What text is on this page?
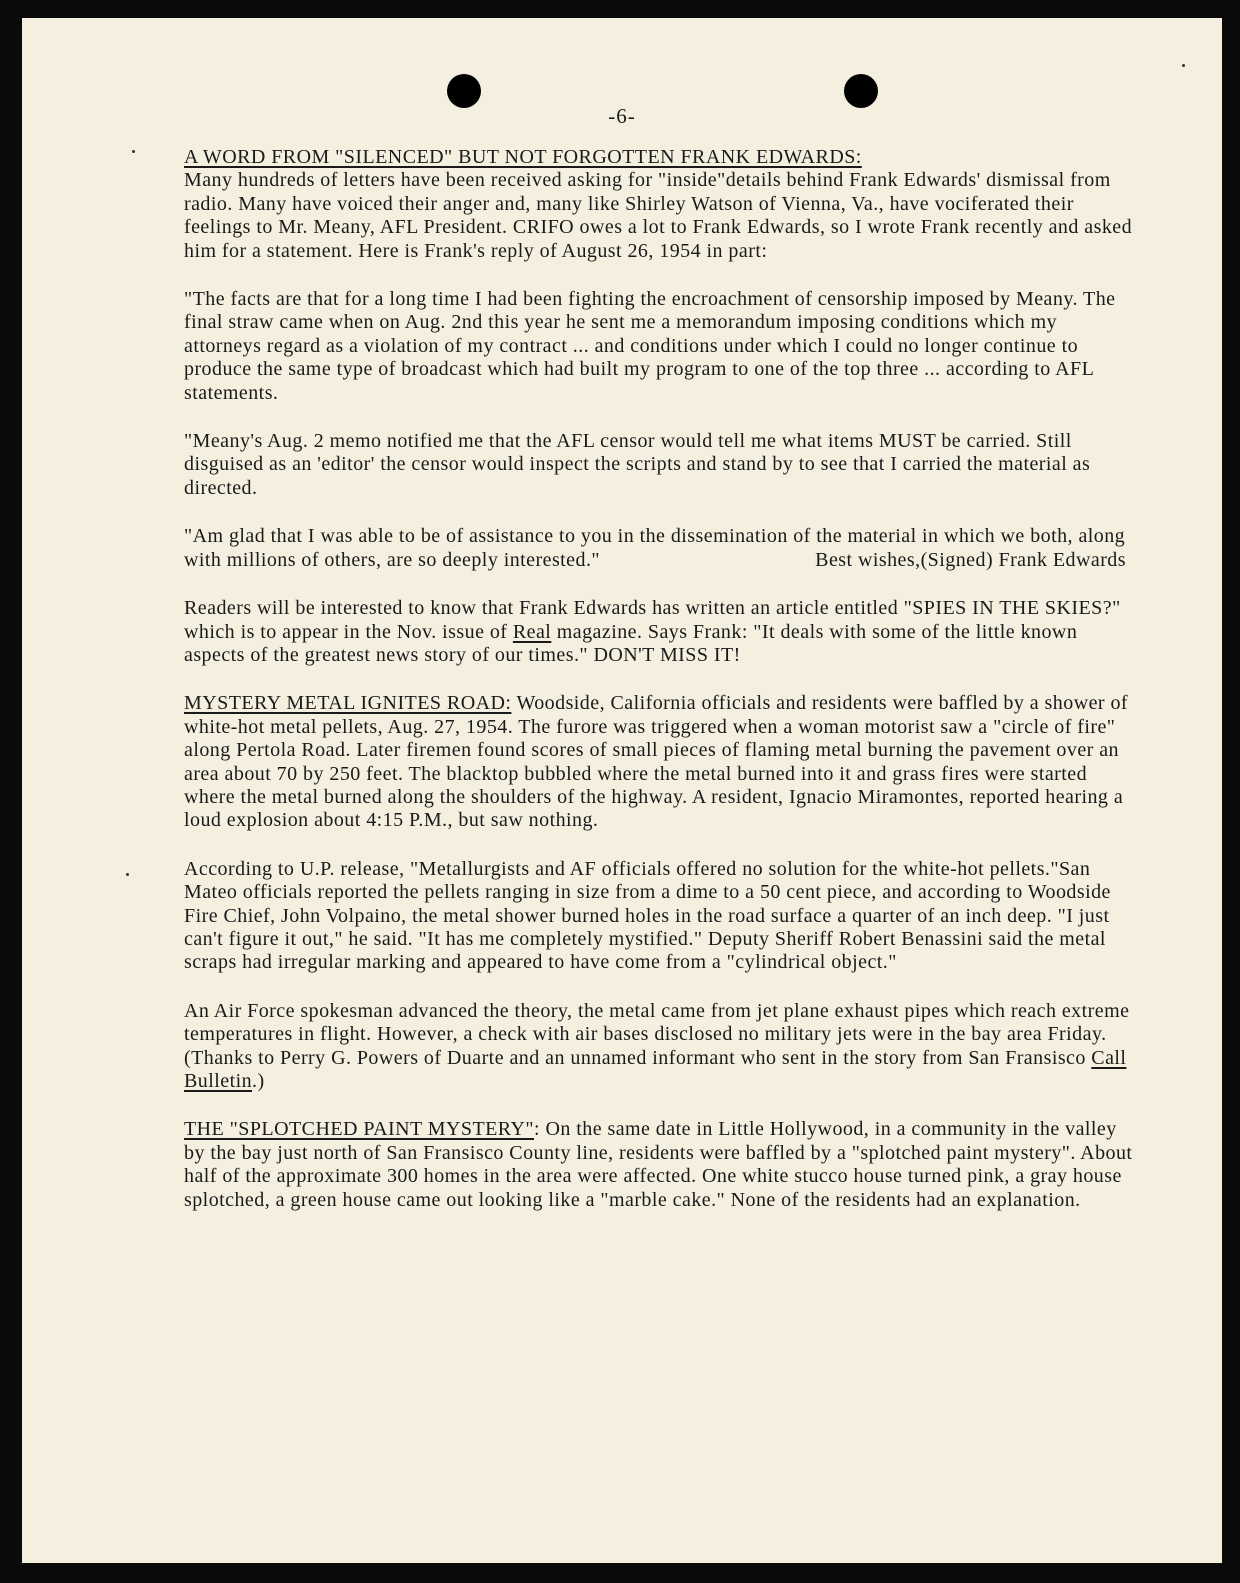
-6-

A WORD FROM "SILENCED" BUT NOT FORGOTTEN FRANK EDWARDS:

Many hundreds of letters have been received asking for "inside"details behind Frank Edwards' dismissal from radio. Many have voiced their anger and, many like Shirley Watson of Vienna, Va., have vociferated their feelings to Mr. Meany, AFL President. CRIFO owes a lot to Frank Edwards, so I wrote Frank recently and asked him for a statement. Here is Frank's reply of August 26, 1954 in part:

"The facts are that for a long time I had been fighting the encroachment of censorship imposed by Meany. The final straw came when on Aug. 2nd this year he sent me a memorandum imposing conditions which my attorneys regard as a violation of my contract ... and conditions under which I could no longer continue to produce the same type of broadcast which had built my program to one of the top three ... according to AFL statements.

"Meany's Aug. 2 memo notified me that the AFL censor would tell me what items MUST be carried. Still disguised as an 'editor' the censor would inspect the scripts and stand by to see that I carried the material as directed.

"Am glad that I was able to be of assistance to you in the dissemination of the material in which we both, along with millions of others, are so deeply interested."	Best wishes,(Signed) Frank Edwards

Readers will be interested to know that Frank Edwards has written an article entitled "SPIES IN THE SKIES?" which is to appear in the Nov. issue of Real magazine. Says Frank: "It deals with some of the little known aspects of the greatest news story of our times." DON'T MISS IT!

MYSTERY METAL IGNITES ROAD: Woodside, California officials and residents were baffled by a shower of white-hot metal pellets, Aug. 27, 1954. The furore was triggered when a woman motorist saw a "circle of fire" along Pertola Road. Later firemen found scores of small pieces of flaming metal burning the pavement over an area about 70 by 250 feet. The blacktop bubbled where the metal burned into it and grass fires were started where the metal burned along the shoulders of the highway. A resident, Ignacio Miramontes, reported hearing a loud explosion about 4:15 P.M., but saw nothing.

According to U.P. release, "Metallurgists and AF officials offered no solution for the white-hot pellets."San Mateo officials reported the pellets ranging in size from a dime to a 50 cent piece, and according to Woodside Fire Chief, John Volpaino, the metal shower burned holes in the road surface a quarter of an inch deep. "I just can't figure it out," he said. "It has me completely mystified." Deputy Sheriff Robert Benassini said the metal scraps had irregular marking and appeared to have come from a "cylindrical object."

An Air Force spokesman advanced the theory, the metal came from jet plane exhaust pipes which reach extreme temperatures in flight. However, a check with air bases disclosed no military jets were in the bay area Friday. (Thanks to Perry G. Powers of Duarte and an unnamed informant who sent in the story from San Fransisco Call Bulletin.)

THE "SPLOTCHED PAINT MYSTERY": On the same date in Little Hollywood, in a community in the valley by the bay just north of San Fransisco County line, residents were baffled by a "splotched paint mystery". About half of the approximate 300 homes in the area were affected. One white stucco house turned pink, a gray house splotched, a green house came out looking like a "marble cake." None of the residents had an explanation.
